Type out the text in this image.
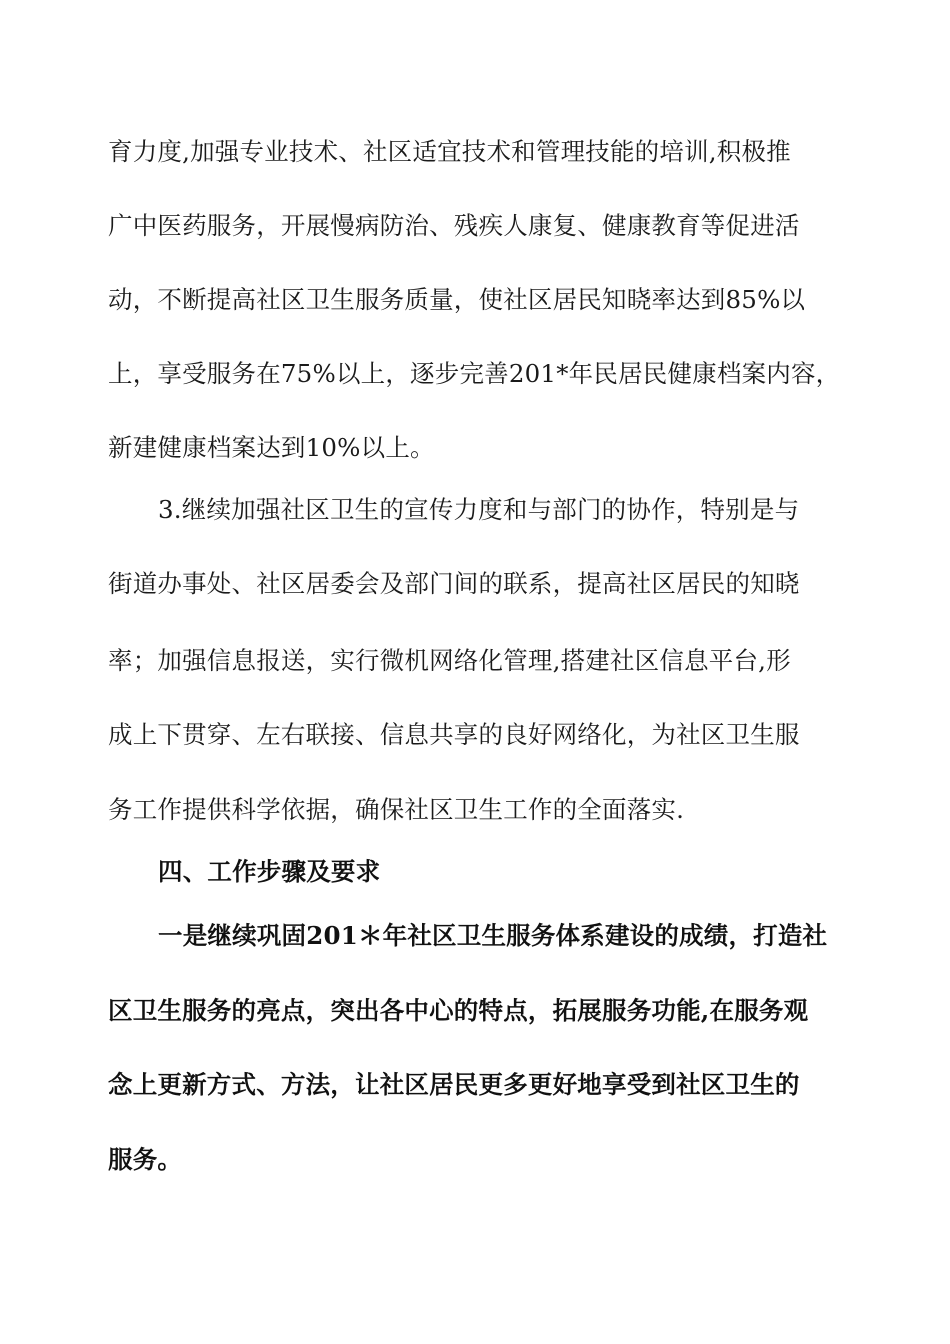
育力度,加强专业技术、社区适宜技术和管理技能的培训,积极推
广中医药服务，开展慢病防治、残疾人康复、健康教育等促进活
动，不断提高社区卫生服务质量，使社区居民知晓率达到85%以
上，享受服务在75%以上，逐步完善201*年民居民健康档案内容，
新建健康档案达到10%以上。
3.继续加强社区卫生的宣传力度和与部门的协作，特别是与
街道办事处、社区居委会及部门间的联系，提高社区居民的知晓
率；加强信息报送，实行微机网络化管理,搭建社区信息平台,形
成上下贯穿、左右联接、信息共享的良好网络化，为社区卫生服
务工作提供科学依据，确保社区卫生工作的全面落实.
四、工作步骤及要求
一是继续巩固201＊年社区卫生服务体系建设的成绩，打造社
区卫生服务的亮点，突出各中心的特点，拓展服务功能,在服务观
念上更新方式、方法，让社区居民更多更好地享受到社区卫生的
服务。
